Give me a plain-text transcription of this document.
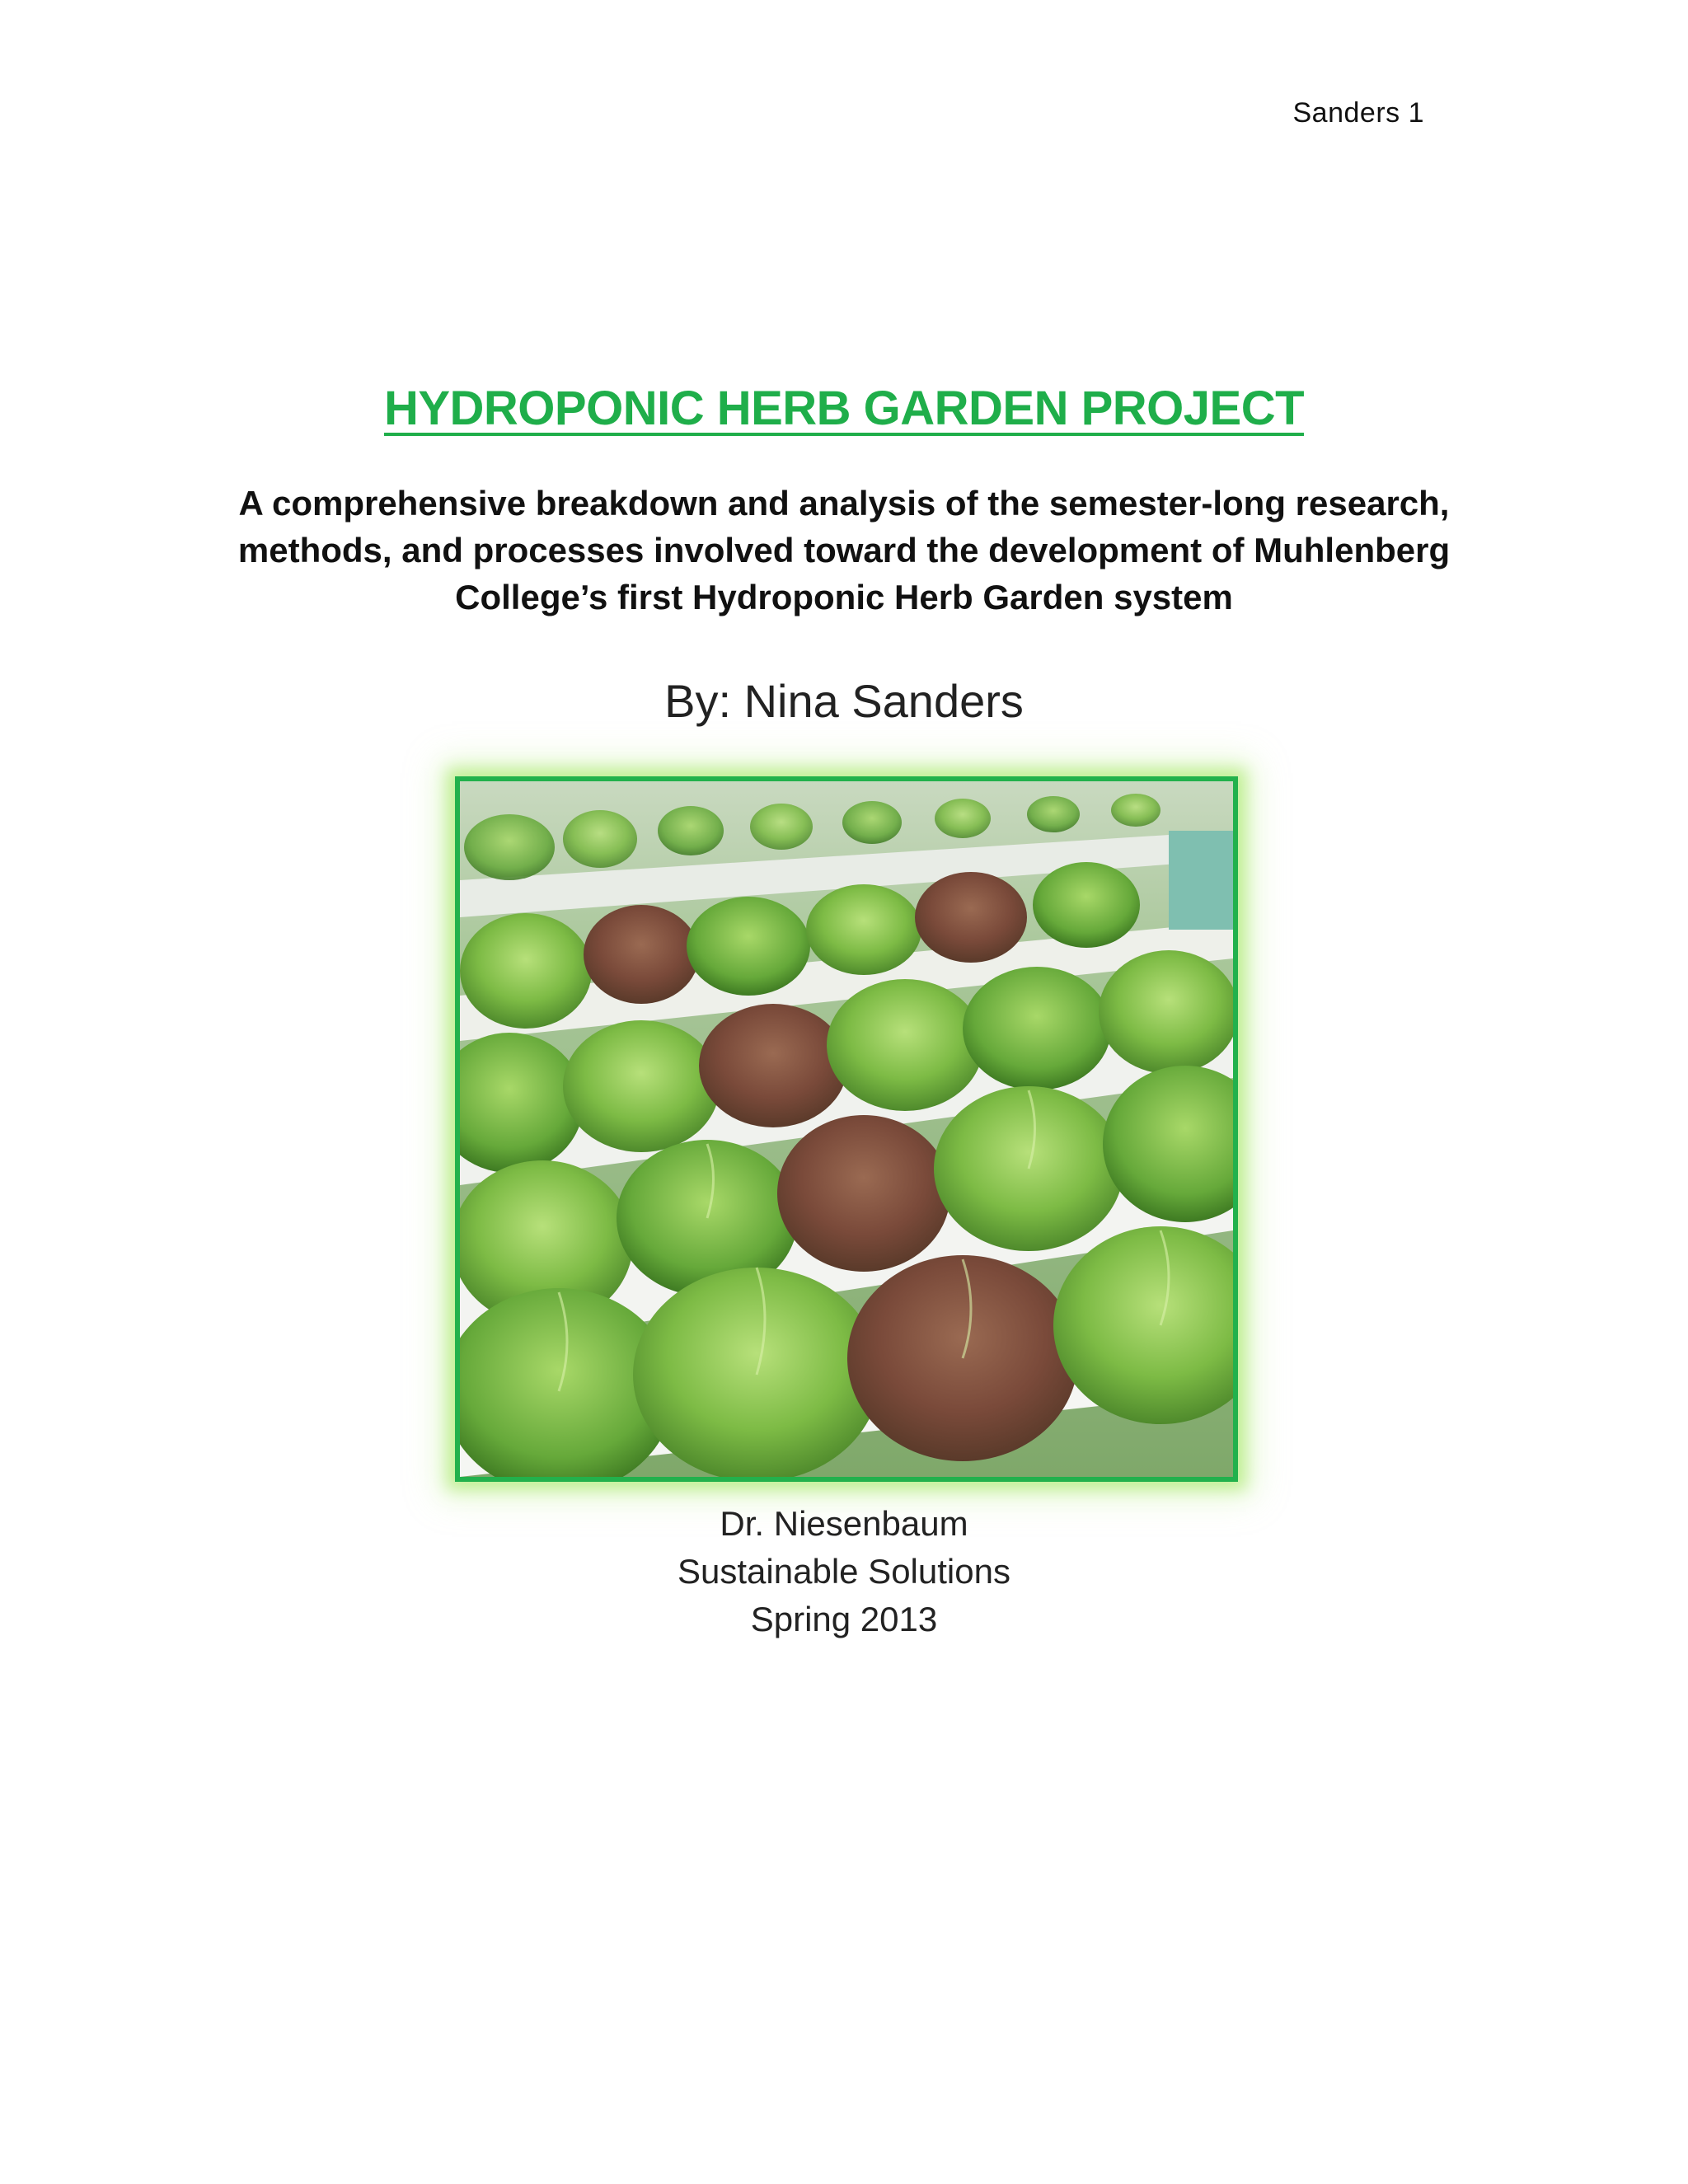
Sanders 1
HYDROPONIC HERB GARDEN PROJECT
A comprehensive breakdown and analysis of the semester-long research,
methods, and processes involved toward the development of Muhlenberg
College’s first Hydroponic Herb Garden system
By: Nina Sanders
Dr. Niesenbaum
Sustainable Solutions
Spring 2013
